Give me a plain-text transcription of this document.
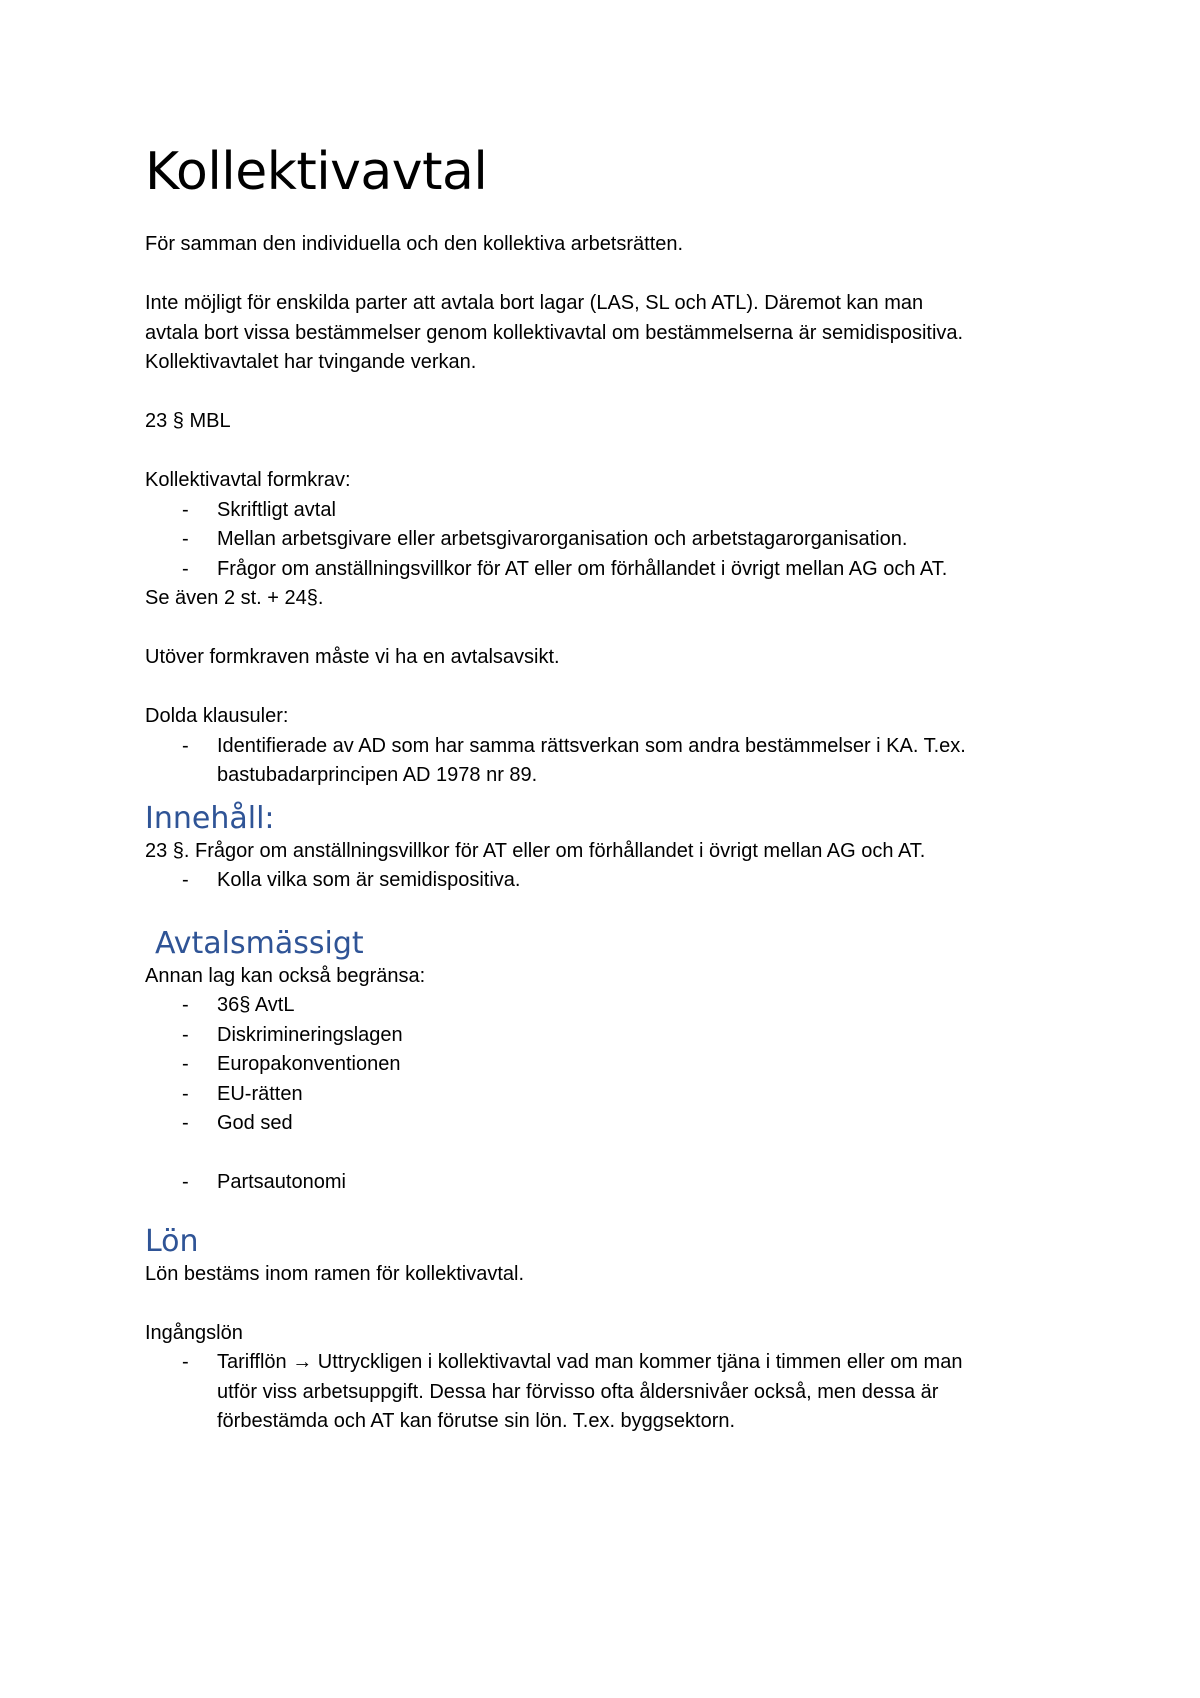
Kollektivavtal

För samman den individuella och den kollektiva arbetsrätten.

Inte möjligt för enskilda parter att avtala bort lagar (LAS, SL och ATL). Däremot kan man

avtala bort vissa bestämmelser genom kollektivavtal om bestämmelserna är semidispositiva.

Kollektivavtalet har tvingande verkan.

23 § MBL

Kollektivavtal formkrav:

- Skriftligt avtal
- Mellan arbetsgivare eller arbetsgivarorganisation och arbetstagarorganisation.
- Frågor om anställningsvillkor för AT eller om förhållandet i övrigt mellan AG och AT.

Se även 2 st. + 24§.

Utöver formkraven måste vi ha en avtalsavsikt.

Dolda klausuler:

- Identifierade av AD som har samma rättsverkan som andra bestämmelser i KA. T.ex.
bastubadarprincipen AD 1978 nr 89.
Innehåll:

23 §. Frågor om anställningsvillkor för AT eller om förhållandet i övrigt mellan AG och AT.

- Kolla vilka som är semidispositiva.
Avtalsmässigt

Annan lag kan också begränsa:

- 36§ AvtL
- Diskrimineringslagen
- Europakonventionen
- EU-rätten
- God sed
- Partsautonomi
Lön

Lön bestäms inom ramen för kollektivavtal.

Ingångslön

- Tarifflön → Uttryckligen i kollektivavtal vad man kommer tjäna i timmen eller om man
utför viss arbetsuppgift. Dessa har förvisso ofta åldersnivåer också, men dessa är
förbestämda och AT kan förutse sin lön. T.ex. byggsektorn.
